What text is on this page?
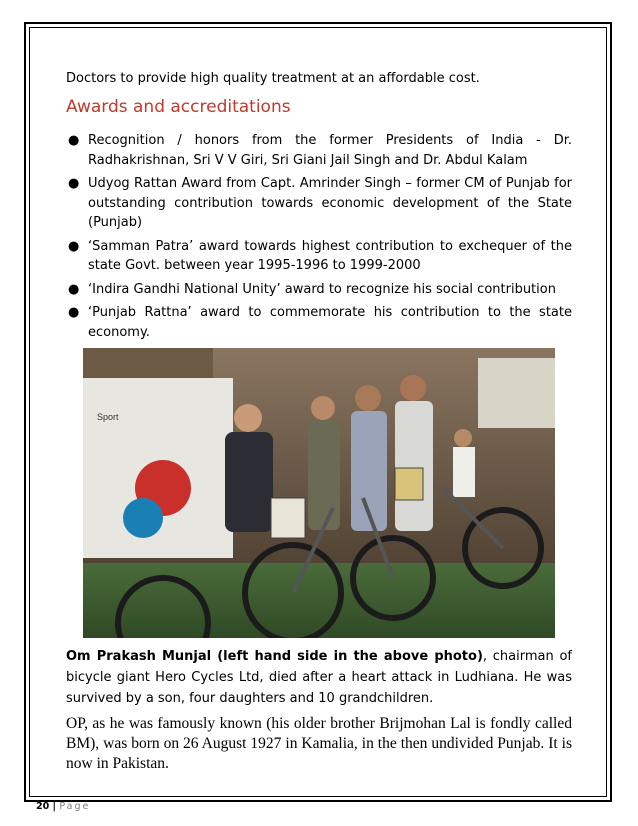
Doctors to provide high quality treatment at an affordable cost.
Awards and accreditations
● Recognition / honors from the former Presidents of India - Dr. Radhakrishnan, Sri V V Giri, Sri Giani Jail Singh and Dr. Abdul Kalam
● Udyog Rattan Award from Capt. Amrinder Singh – former CM of Punjab for outstanding contribution towards economic development of the State (Punjab)
● ‘Samman Patra’ award towards highest contribution to exchequer of the state Govt. between year 1995-1996 to 1999-2000
● ‘Indira Gandhi National Unity’ award to recognize his social contribution
● ‘Punjab Rattna’ award to commemorate his contribution to the state economy.
Sport
Om Prakash Munjal (left hand side in the above photo), chairman of bicycle giant Hero Cycles Ltd, died after a heart attack in Ludhiana. He was survived by a son, four daughters and 10 grandchildren.
OP, as he was famously known (his older brother Brijmohan Lal is fondly called BM), was born on 26 August 1927 in Kamalia, in the then undivided Punjab. It is now in Pakistan.
20 | Page
